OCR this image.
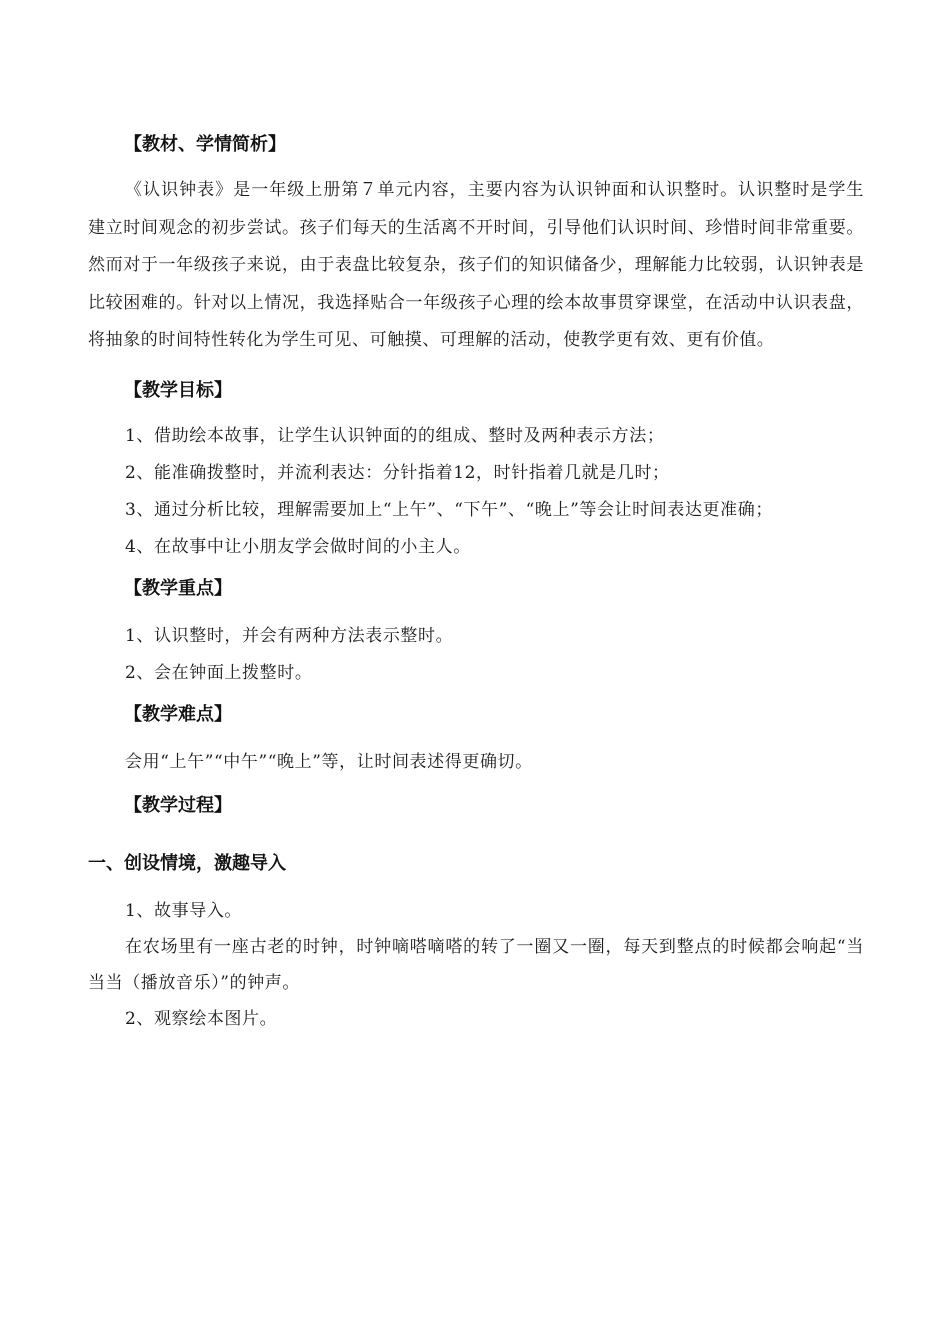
【教材、学情简析】

《认识钟表》是一年级上册第７单元内容，主要内容为认识钟面和认识整时。认识整时是学生建立时间观念的初步尝试。孩子们每天的生活离不开时间，引导他们认识时间、珍惜时间非常重要。然而对于一年级孩子来说，由于表盘比较复杂，孩子们的知识储备少，理解能力比较弱，认识钟表是比较困难的。针对以上情况，我选择贴合一年级孩子心理的绘本故事贯穿课堂，在活动中认识表盘，将抽象的时间特性转化为学生可见、可触摸、可理解的活动，使教学更有效、更有价值。

【教学目标】

1、借助绘本故事，让学生认识钟面的的组成、整时及两种表示方法；

2、能准确拨整时，并流利表达：分针指着12，时针指着几就是几时；

3、通过分析比较，理解需要加上“上午”、“下午”、“晚上”等会让时间表达更准确；

4、在故事中让小朋友学会做时间的小主人。

【教学重点】

1、认识整时，并会有两种方法表示整时。

2、会在钟面上拨整时。

【教学难点】

会用“上午”“中午”“晚上”等，让时间表述得更确切。

【教学过程】
一、创设情境，激趣导入

1、故事导入。

在农场里有一座古老的时钟，时钟嘀嗒嘀嗒的转了一圈又一圈，每天到整点的时候都会响起“当当当（播放音乐）”的钟声。

2、观察绘本图片。
